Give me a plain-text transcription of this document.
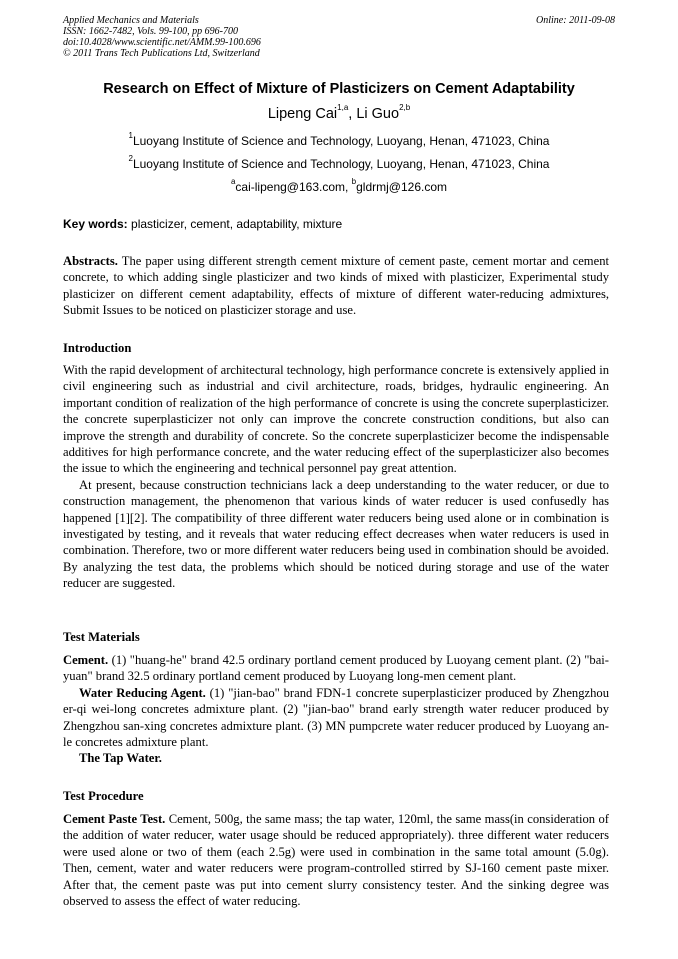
Applied Mechanics and Materials
ISSN: 1662-7482, Vols. 99-100, pp 696-700
doi:10.4028/www.scientific.net/AMM.99-100.696
© 2011 Trans Tech Publications Ltd, Switzerland
Online: 2011-09-08
Research on Effect of Mixture of Plasticizers on Cement Adaptability
Lipeng Cai$^{1,a}$, Li Guo$^{2,b}$
$^1$Luoyang Institute of Science and Technology, Luoyang, Henan, 471023, China
$^2$Luoyang Institute of Science and Technology, Luoyang, Henan, 471023, China
$^a$cai-lipeng@163.com, $^b$gldrmj@126.com
Key words: plasticizer, cement, adaptability, mixture

Abstracts. The paper using different strength cement mixture of cement paste, cement mortar and cement concrete, to which adding single plasticizer and two kinds of mixed with plasticizer, Experimental study plasticizer on different cement adaptability, effects of mixture of different water-reducing admixtures, Submit Issues to be noticed on plasticizer storage and use.

Introduction

With the rapid development of architectural technology, high performance concrete is extensively applied in civil engineering such as industrial and civil architecture, roads, bridges, hydraulic engineering. An important condition of realization of the high performance of concrete is using the concrete superplasticizer. the concrete superplasticizer not only can improve the concrete construction conditions, but also can improve the strength and durability of concrete. So the concrete superplasticizer become the indispensable additives for high performance concrete, and the water reducing effect of the superplasticizer also becomes the issue to which the engineering and technical personnel pay great attention.

At present, because construction technicians lack a deep understanding to the water reducer, or due to construction management, the phenomenon that various kinds of water reducer is used confusedly has happened [1][2]. The compatibility of three different water reducers being used alone or in combination is investigated by testing, and it reveals that water reducing effect decreases when water reducers is used in combination. Therefore, two or more different water reducers being used in combination should be avoided. By analyzing the test data, the problems which should be noticed during storage and use of the water reducer are suggested.

Test Materials

Cement. (1) "huang-he" brand 42.5 ordinary portland cement produced by Luoyang cement plant. (2) "bai-yuan" brand 32.5 ordinary portland cement produced by Luoyang long-men cement plant.

Water Reducing Agent. (1) "jian-bao" brand FDN-1 concrete superplasticizer produced by Zhengzhou er-qi wei-long concretes admixture plant. (2) "jian-bao" brand early strength water reducer produced by Zhengzhou san-xing concretes admixture plant. (3) MN pumpcrete water reducer produced by Luoyang an-le concretes admixture plant.

The Tap Water.

Test Procedure

Cement Paste Test. Cement, 500g, the same mass; the tap water, 120ml, the same mass(in consideration of the addition of water reducer, water usage should be reduced appropriately). three different water reducers were used alone or two of them (each 2.5g) were used in combination in the same total amount (5.0g). Then, cement, water and water reducers were program-controlled stirred by SJ-160 cement paste mixer. After that, the cement paste was put into cement slurry consistency tester. And the sinking degree was observed to assess the effect of water reducing.
